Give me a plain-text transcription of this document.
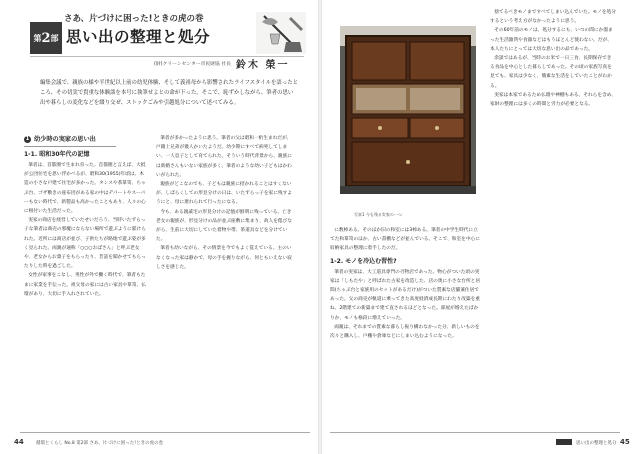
さあ、片づけに困った!ときの虎の巻
第 2 部 思い出の整理と処分
(財)クリーンセンター市民財協 社長 鈴木 榮一

編集会議で、親族の様や半世紀以上前の幼児体験、そして義祖母から影響されたライフスタイルを語ったところ、その切実で貴重な体験談を本号に執筆せよとの命が下った。そこで、恥ずかしながら、筆者の思い出や暮らしの変化などを綴り交ぜ、ストックごみや引越処分について述べてみる。

1 幼少時の実家の思い出
1-1. 昭和30年代の記憶

筆者は、首都圏で生まれ育った。首都圏と言えば、大抵が公団住宅を思い浮かべるが、昭和30(1955)年頃は、木造の小さな戸建て住宅が多かった。タンスや茶箪笥、ちゃぶ台、ゴザ敷きの座布団がある家の中はデパートやスーパーもない時代で、新製品も高かったこともあり、人々の心に根付いた生活だった。

実家の商店を経営していたせいだろう、当時いたずらっ子な筆者は商売の邪魔にならない場所で遊ぶように躾けられた。近所には商店が並び、子供たちが路地で遊ぶ姿が多く見られた。両親が通称「○○○おばさん」と呼ぶ老女や、老女からお菓子をもらったり、昔話を聞かせてもらったりした時を過ごした。

女性が家事をこなし、男性が外で働く時代で、筆者もたまに家業を手伝った。祖父母の家には古い家具や箪笥、仏壇があり、大切に手入れされていた。

筆者が多かったように思う。筆者の父は昭和一桁生まれだが、戸籍上兄弟が幾人かいたようだ。幼少期にすべて病死してしまい、一人息子として育てられた。そういう時代背景から、親族には新婚さんもいない家族が多く、筆者のような幼い子どもはかわいがられた。

親族がどこなのでも、子どもは親族に招かれることはすくないが、しばらくしての形見分けの日は、いたずらっ子を家に残すようにと、母に連れられて行ったになる。

今も、ある親戚宅の形見分けの記憶が鮮明に残っている。亡き老女の親族が、形見分けの品が並ぶ座敷に集まり、故人を偲びながら、生前に大切にしていた着物や帯、茶道具などを分けていた。

筆者も幼いながら、その情景を今でもよく覚えている。主のいなくなった家は静かで、母の手を握りながら、何ともいえない寂しさを感じた。

44	循環とくらし No.8 第2部 さあ、片づけに困った!ときの虎の巻
写真1 今も残る実家の一つ

に数棹ある。そのほか旧の和室には3棹ある。筆者の中学生時代に立てた和箪笥のほか、古い書棚などが並んでいる。そこで、和室を中心に収納家具の整理に着手したのだ。

1-2. モノを冷込む習性?

筆者の実家は、大工道具専門の刃物店であった。物心がついた頃の実家は「しもたや」と呼ばれた古家を改造した、店の奥に小さな台所と居間(ちゃぶ台と家族用のセットがあるだけ)がついた質素な店舗兼住居であった。父の商売が軌道に乗ってきた高度経済成長期にわたり改築を重ね、2階建ての新築まで建て直されるほどとなった。部屋が増えたばかりか、モノも格段に増えていった。

両親は、それまでの質素な暮らし振り構わなかった分、新しいものを次々と購入し、戸棚や倉庫などにしまい込むようになった。

捨てるべきモノまですべてしまい込んでいた。モノを処分するという考え方がなかったように思う。

その60年前のモノは、処分するにも、いつの間にか溜まった生活雑貨や食器などはもうほとんど使わない。だが、本人たちにとっては大切な思い出の品であった。

余談ではあるが、当時のお米で一日三食、長期保存できる食品を中心とした暮らしであった。その頃の家族写真を見ても、家具は少なく、簡素な生活をしていたことがわかる。

実家は本家であるため仏壇や神棚もある。それらを含め、家財の整理には多くの時間と労力が必要となる。

思い出の整理と処分 45
